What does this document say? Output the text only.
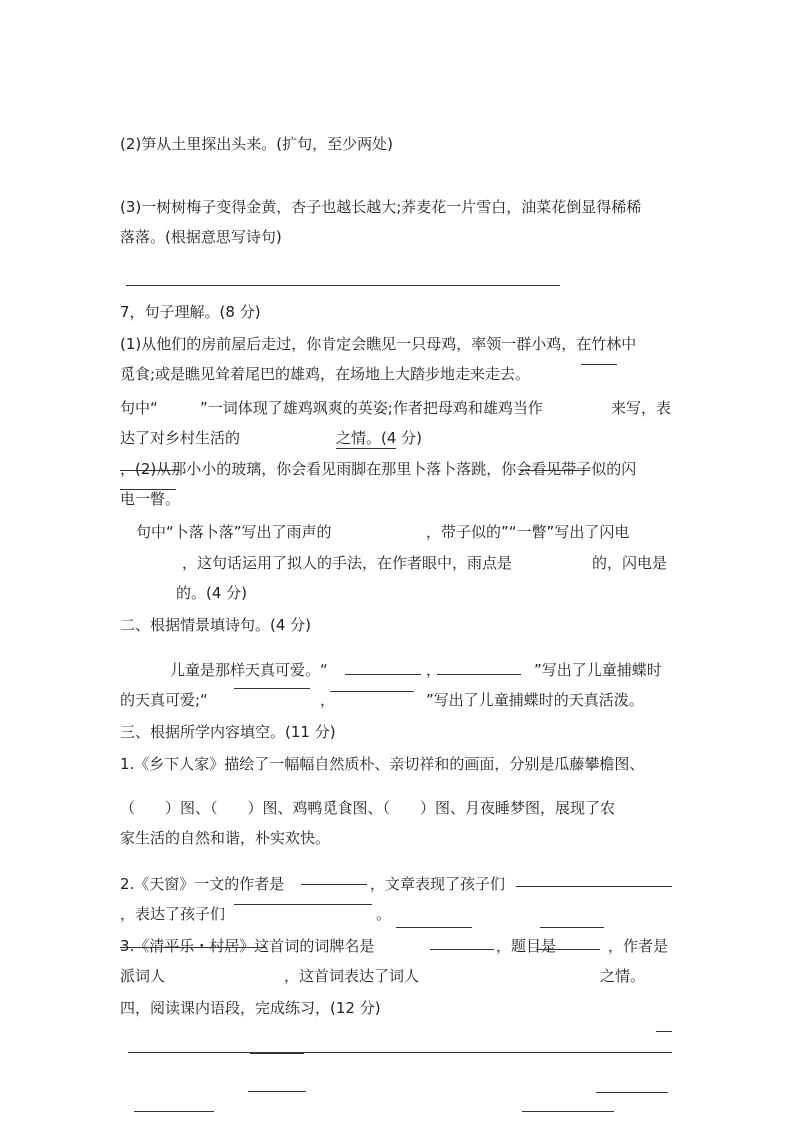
(2)笋从土里探出头来。(扩句，至少两处)
(3)一树树梅子变得金黄，杏子也越长越大;荞麦花一片雪白，油菜花倒显得稀稀
落落。(根据意思写诗句)
7，句子理解。(8 分)
(1)从他们的房前屋后走过，你肯定会瞧见一只母鸡，率领一群小鸡，在竹林中
觅食;或是瞧见耸着尾巴的雄鸡，在场地上大踏步地走来走去。
句中“	”一词体现了雄鸡飒爽的英姿;作者把母鸡和雄鸡当作	来写，表
达了对乡村生活的	之情。(4 分)
，(2)从那小小的玻璃，你会看见雨脚在那里卜落卜落跳，你会看见带子似的闪
电一瞥。
句中“卜落卜落”写出了雨声的	，带子似的”“一瞥”写出了闪电
，这句话运用了拟人的手法，在作者眼中，雨点是	的，闪电是
的。(4 分)
二、根据情景填诗句。(4 分)
儿童是那样天真可爱。“	，	”写出了儿童捕蝶时
的天真可爱;“	，	”写出了儿童捕蝶时的天真活泼。
三、根据所学内容填空。(11 分)
1.《乡下人家》描绘了一幅幅自然质朴、亲切祥和的画面，分别是瓜藤攀檐图、
（　　）图、（　　）图、鸡鸭觅食图、（　　）图、月夜睡梦图，展现了农
家生活的自然和谐，朴实欢快。
2.《天窗》一文的作者是	，文章表现了孩子们
，表达了孩子们	。
3.《清平乐・村居》这首词的词牌名是	，题目是	，作者是
派词人	，这首词表达了词人	之情。
四，阅读课内语段，完成练习，(12 分)
